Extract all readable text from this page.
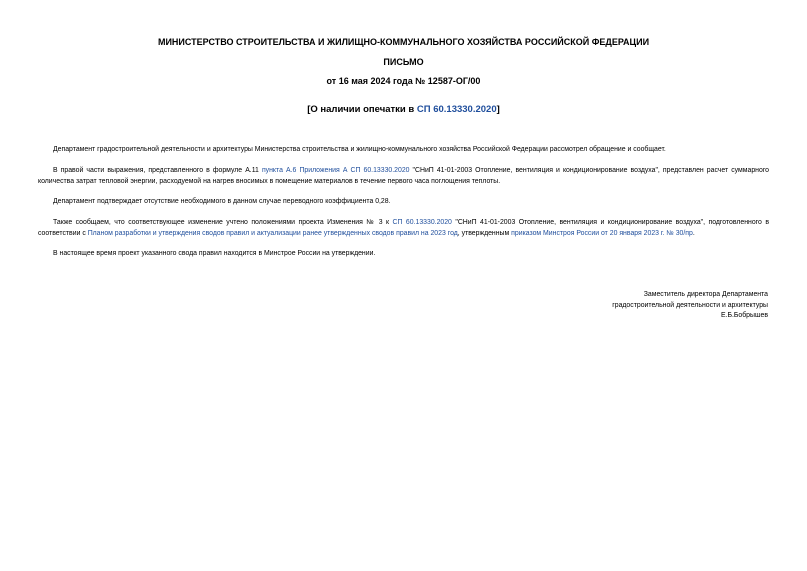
МИНИСТЕРСТВО СТРОИТЕЛЬСТВА И ЖИЛИЩНО-КОММУНАЛЬНОГО ХОЗЯЙСТВА РОССИЙСКОЙ ФЕДЕРАЦИИ
ПИСЬМО
от 16 мая 2024 года № 12587-ОГ/00
[О наличии опечатки в СП 60.13330.2020]

Департамент градостроительной деятельности и архитектуры Министерства строительства и жилищно-коммунального хозяйства Российской Федерации рассмотрел обращение и сообщает.

В правой части выражения, представленного в формуле А.11 пункта А.6 Приложения А СП 60.13330.2020 "СНиП 41-01-2003 Отопление, вентиляция и кондиционирование воздуха", представлен расчет суммарного количества затрат тепловой энергии, расходуемой на нагрев вносимых в помещение материалов в течение первого часа поглощения теплоты.

Департамент подтверждает отсутствие необходимого в данном случае переводного коэффициента 0,28.

Также сообщаем, что соответствующее изменение учтено положениями проекта Изменения № 3 к СП 60.13330.2020 "СНиП 41-01-2003 Отопление, вентиляция и кондиционирование воздуха", подготовленного в соответствии с Планом разработки и утверждения сводов правил и актуализации ранее утвержденных сводов правил на 2023 год, утвержденным приказом Минстроя России от 20 января 2023 г. № 30/пр.

В настоящее время проект указанного свода правил находится в Минстрое России на утверждении.

Заместитель директора Департамента
градостроительной деятельности и архитектуры
Е.Б.Бобрышев
